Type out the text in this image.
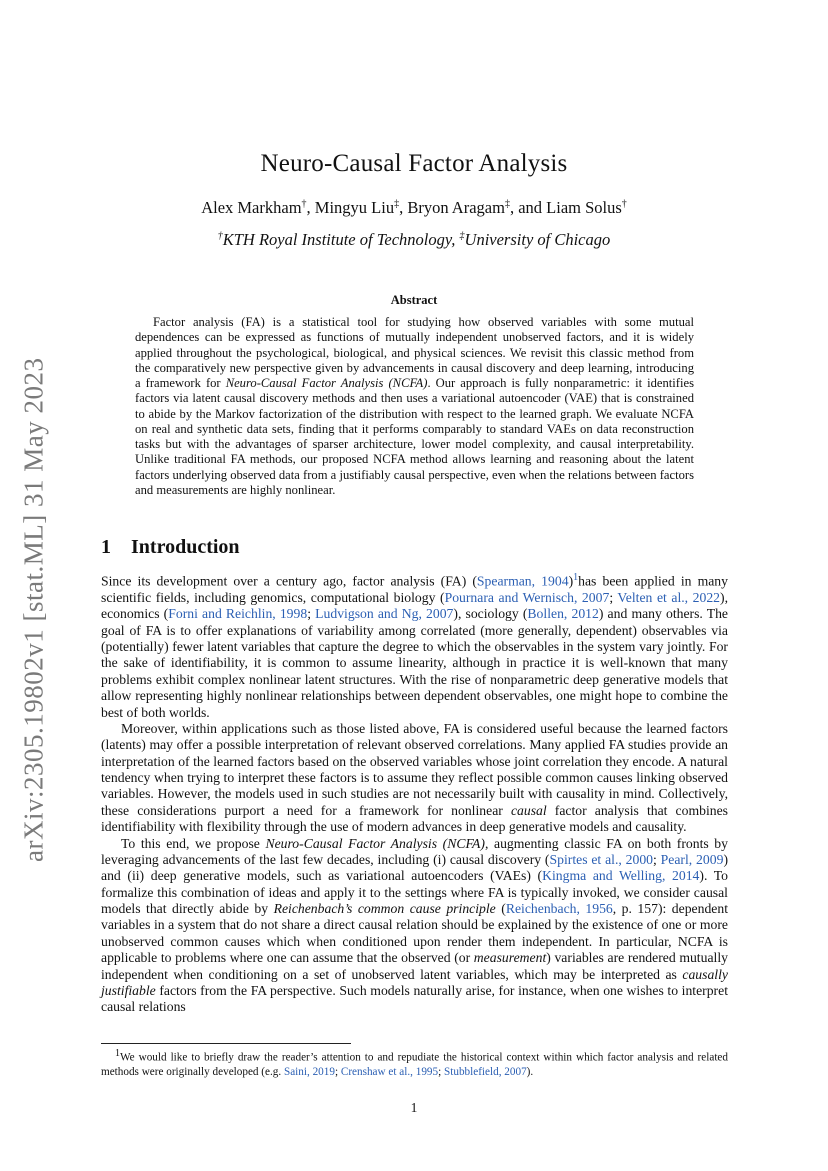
arXiv:2305.19802v1 [stat.ML] 31 May 2023
Neuro-Causal Factor Analysis
Alex Markham†, Mingyu Liu‡, Bryon Aragam‡, and Liam Solus†
†KTH Royal Institute of Technology, ‡University of Chicago
Abstract

Factor analysis (FA) is a statistical tool for studying how observed variables with some mutual dependences can be expressed as functions of mutually independent unobserved factors, and it is widely applied throughout the psychological, biological, and physical sciences. We revisit this classic method from the comparatively new perspective given by advancements in causal discovery and deep learning, introducing a framework for Neuro-Causal Factor Analysis (NCFA). Our approach is fully nonparametric: it identifies factors via latent causal discovery methods and then uses a variational autoencoder (VAE) that is constrained to abide by the Markov factorization of the distribution with respect to the learned graph. We evaluate NCFA on real and synthetic data sets, finding that it performs comparably to standard VAEs on data reconstruction tasks but with the advantages of sparser architecture, lower model complexity, and causal interpretability. Unlike traditional FA methods, our proposed NCFA method allows learning and reasoning about the latent factors underlying observed data from a justifiably causal perspective, even when the relations between factors and measurements are highly nonlinear.

1 Introduction

Since its development over a century ago, factor analysis (FA) (Spearman, 1904)$^1$has been applied in many scientific fields, including genomics, computational biology (Pournara and Wernisch, 2007; Velten et al., 2022), economics (Forni and Reichlin, 1998; Ludvigson and Ng, 2007), sociology (Bollen, 2012) and many others. The goal of FA is to offer explanations of variability among correlated (more generally, dependent) observables via (potentially) fewer latent variables that capture the degree to which the observables in the system vary jointly. For the sake of identifiability, it is common to assume linearity, although in practice it is well-known that many problems exhibit complex nonlinear latent structures. With the rise of nonparametric deep generative models that allow representing highly nonlinear relationships between dependent observables, one might hope to combine the best of both worlds.

Moreover, within applications such as those listed above, FA is considered useful because the learned factors (latents) may offer a possible interpretation of relevant observed correlations. Many applied FA studies provide an interpretation of the learned factors based on the observed variables whose joint correlation they encode. A natural tendency when trying to interpret these factors is to assume they reflect possible common causes linking observed variables. However, the models used in such studies are not necessarily built with causality in mind. Collectively, these considerations purport a need for a framework for nonlinear causal factor analysis that combines identifiability with flexibility through the use of modern advances in deep generative models and causality.

To this end, we propose Neuro-Causal Factor Analysis (NCFA), augmenting classic FA on both fronts by leveraging advancements of the last few decades, including (i) causal discovery (Spirtes et al., 2000; Pearl, 2009) and (ii) deep generative models, such as variational autoencoders (VAEs) (Kingma and Welling, 2014). To formalize this combination of ideas and apply it to the settings where FA is typically invoked, we consider causal models that directly abide by Reichenbach’s common cause principle (Reichenbach, 1956, p. 157): dependent variables in a system that do not share a direct causal relation should be explained by the existence of one or more unobserved common causes which when conditioned upon render them independent. In particular, NCFA is applicable to problems where one can assume that the observed (or measurement) variables are rendered mutually independent when conditioning on a set of unobserved latent variables, which may be interpreted as causally justifiable factors from the FA perspective. Such models naturally arise, for instance, when one wishes to interpret causal relations

$^1$We would like to briefly draw the reader’s attention to and repudiate the historical context within which factor analysis and related methods were originally developed (e.g. Saini, 2019; Crenshaw et al., 1995; Stubblefield, 2007).
1
